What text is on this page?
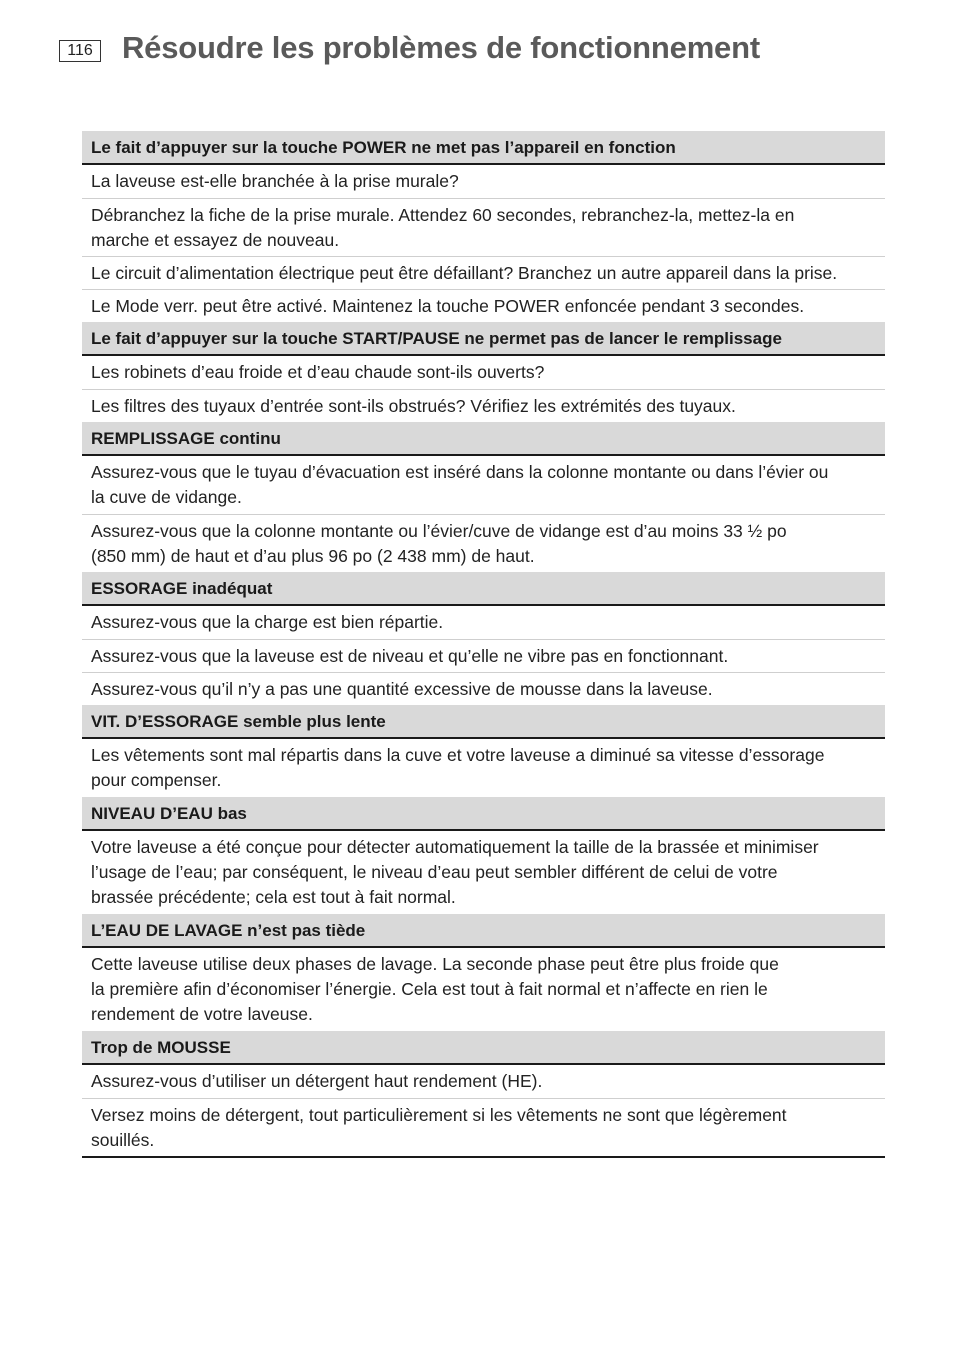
116 Résoudre les problèmes de fonctionnement
Le fait d’appuyer sur la touche POWER ne met pas l’appareil en fonction
La laveuse est-elle branchée à la prise murale?
Débranchez la fiche de la prise murale. Attendez 60 secondes, rebranchez-la, mettez-la en
marche et essayez de nouveau.
Le circuit d’alimentation électrique peut être défaillant? Branchez un autre appareil dans la prise.
Le Mode verr. peut être activé. Maintenez la touche POWER enfoncée pendant 3 secondes.
Le fait d’appuyer sur la touche START/PAUSE ne permet pas de lancer le remplissage
Les robinets d’eau froide et d’eau chaude sont-ils ouverts?
Les filtres des tuyaux d’entrée sont-ils obstrués? Vérifiez les extrémités des tuyaux.
REMPLISSAGE continu
Assurez-vous que le tuyau d’évacuation est inséré dans la colonne montante ou dans l’évier ou
la cuve de vidange.
Assurez-vous que la colonne montante ou l’évier/cuve de vidange est d’au moins 33 ½ po
(850 mm) de haut et d’au plus 96 po (2 438 mm) de haut.
ESSORAGE inadéquat
Assurez-vous que la charge est bien répartie.
Assurez-vous que la laveuse est de niveau et qu’elle ne vibre pas en fonctionnant.
Assurez-vous qu’il n’y a pas une quantité excessive de mousse dans la laveuse.
VIT. D’ESSORAGE semble plus lente
Les vêtements sont mal répartis dans la cuve et votre laveuse a diminué sa vitesse d’essorage
pour compenser.
NIVEAU D’EAU bas
Votre laveuse a été conçue pour détecter automatiquement la taille de la brassée et minimiser
l’usage de l’eau; par conséquent, le niveau d’eau peut sembler différent de celui de votre
brassée précédente; cela est tout à fait normal.
L’EAU DE LAVAGE n’est pas tiède
Cette laveuse utilise deux phases de lavage. La seconde phase peut être plus froide que
la première afin d’économiser l’énergie. Cela est tout à fait normal et n’affecte en rien le
rendement de votre laveuse.
Trop de MOUSSE
Assurez-vous d’utiliser un détergent haut rendement (HE).
Versez moins de détergent, tout particulièrement si les vêtements ne sont que légèrement
souillés.
